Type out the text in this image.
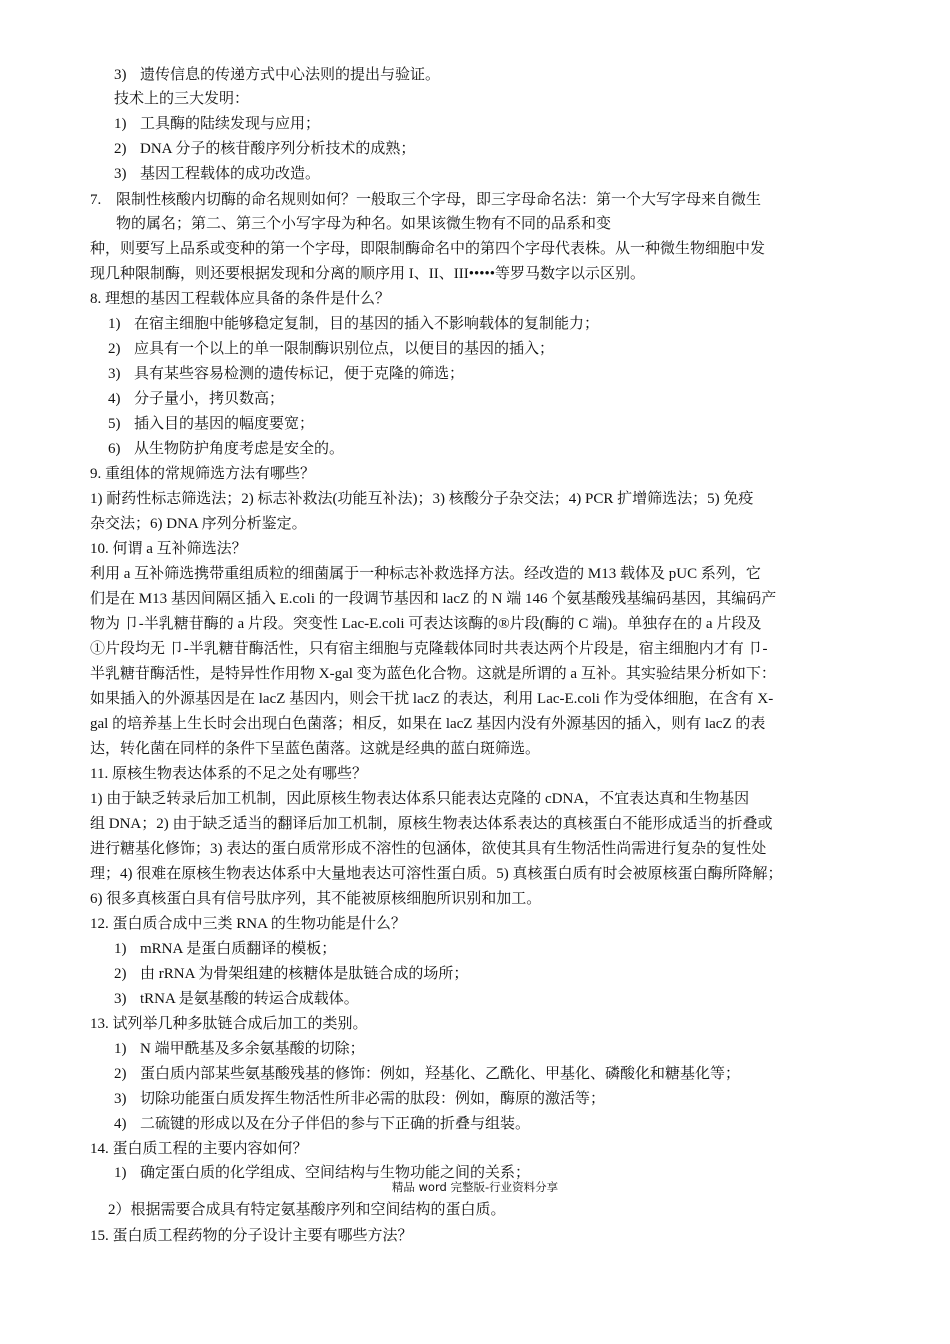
3) 遗传信息的传递方式中心法则的提出与验证。
技术上的三大发明：
1) 工具酶的陆续发现与应用；
2) DNA 分子的核苷酸序列分析技术的成熟；
3) 基因工程载体的成功改造。
7. 限制性核酸内切酶的命名规则如何？一般取三个字母，即三字母命名法：第一个大写字母来自微生
物的属名；第二、第三个小写字母为种名。如果该微生物有不同的品系和变
种，则要写上品系或变种的第一个字母，即限制酶命名中的第四个字母代表株。从一种微生物细胞中发
现几种限制酶，则还要根据发现和分离的顺序用 I、II、III•••••等罗马数字以示区别。
8. 理想的基因工程载体应具备的条件是什么？
1) 在宿主细胞中能够稳定复制，目的基因的插入不影响载体的复制能力；
2) 应具有一个以上的单一限制酶识别位点，以便目的基因的插入；
3) 具有某些容易检测的遗传标记，便于克隆的筛选；
4) 分子量小，拷贝数高；
5) 插入目的基因的幅度要宽；
6) 从生物防护角度考虑是安全的。
9. 重组体的常规筛选方法有哪些？
1) 耐药性标志筛选法；2) 标志补救法(功能互补法)；3) 核酸分子杂交法；4) PCR 扩增筛选法；5) 免疫
杂交法；6) DNA 序列分析鉴定。
10. 何谓 a 互补筛选法？
利用 a 互补筛选携带重组质粒的细菌属于一种标志补救选择方法。经改造的 M13 载体及 pUC 系列，它
们是在 M13 基因间隔区插入 E.coli 的一段调节基因和 lacZ 的 N 端 146 个氨基酸残基编码基因，其编码产
物为 卩-半乳糖苷酶的 a 片段。突变性 Lac-E.coli 可表达该酶的®片段(酶的 C 端)。单独存在的 a 片段及
①片段均无 卩-半乳糖苷酶活性，只有宿主细胞与克隆载体同时共表达两个片段是，宿主细胞内才有 卩-
半乳糖苷酶活性，是特异性作用物 X-gal 变为蓝色化合物。这就是所谓的 a 互补。其实验结果分析如下：
如果插入的外源基因是在 lacZ 基因内，则会干扰 lacZ 的表达，利用 Lac-E.coli 作为受体细胞，在含有 X-
gal 的培养基上生长时会出现白色菌落；相反，如果在 lacZ 基因内没有外源基因的插入，则有 lacZ 的表
达，转化菌在同样的条件下呈蓝色菌落。这就是经典的蓝白斑筛选。
11. 原核生物表达体系的不足之处有哪些？
1) 由于缺乏转录后加工机制，因此原核生物表达体系只能表达克隆的 cDNA，不宜表达真和生物基因
组 DNA；2) 由于缺乏适当的翻译后加工机制，原核生物表达体系表达的真核蛋白不能形成适当的折叠或
进行糖基化修饰；3) 表达的蛋白质常形成不溶性的包涵体，欲使其具有生物活性尚需进行复杂的复性处
理；4) 很难在原核生物表达体系中大量地表达可溶性蛋白质。5) 真核蛋白质有时会被原核蛋白酶所降解；
6) 很多真核蛋白具有信号肽序列，其不能被原核细胞所识别和加工。
12. 蛋白质合成中三类 RNA 的生物功能是什么？
1) mRNA 是蛋白质翻译的模板；
2) 由 rRNA 为骨架组建的核糖体是肽链合成的场所；
3) tRNA 是氨基酸的转运合成载体。
13. 试列举几种多肽链合成后加工的类别。
1) N 端甲酰基及多余氨基酸的切除；
2) 蛋白质内部某些氨基酸残基的修饰：例如，羟基化、乙酰化、甲基化、磷酸化和糖基化等；
3) 切除功能蛋白质发挥生物活性所非必需的肽段：例如，酶原的激活等；
4) 二硫键的形成以及在分子伴侣的参与下正确的折叠与组装。
14. 蛋白质工程的主要内容如何？
1) 确定蛋白质的化学组成、空间结构与生物功能之间的关系；
精品 word 完整版-行业资料分享
2）根据需要合成具有特定氨基酸序列和空间结构的蛋白质。
15. 蛋白质工程药物的分子设计主要有哪些方法？
